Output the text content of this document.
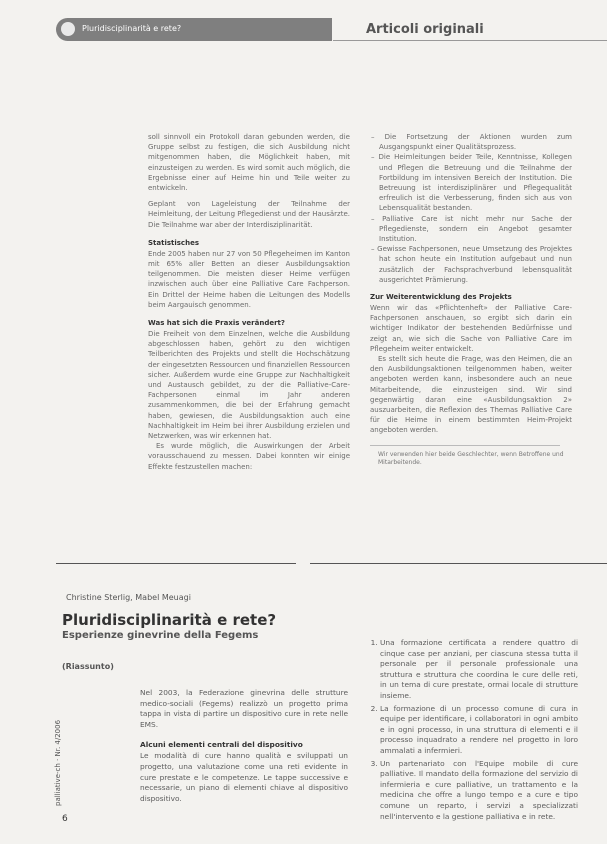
Pluridisciplinarità e rete?	Articoli originali
soll sinnvoll ein Protokoll daran gebunden werden, die Gruppe selbst zu festigen, die sich Ausbildung nicht mitgenommen haben, die Möglichkeit haben, mit einzusteigen zu werden. Es wird somit auch möglich, die Ergebnisse einer auf Heime hin und Teile weiter zu entwickeln.
Geplant von Lageleistung der Teilnahme der Heimleitung, der Leitung Pflegedienst und der Hausärzte. Die Teilnahme war aber der Interdisziplinarität.
Statistisches
Ende 2005 haben nur 27 von 50 Pflegeheimen im Kanton mit 65% aller Betten an dieser Ausbildungsaktion teilgenommen. Die meisten dieser Heime verfügen inzwischen auch über eine Palliative Care Fachperson. Ein Drittel der Heime haben die Leitungen des Modells beim Aargauisch genommen.
Was hat sich die Praxis verändert?
Die Freiheit von dem Einzelnen, welche die Ausbildung abgeschlossen haben, gehört zu den wichtigen Teilberichten des Projekts und stellt die Hochschätzung der eingesetzten Ressourcen und finanziellen Ressourcen sicher. Außerdem wurde eine Gruppe zur Nachhaltigkeit und Austausch gebildet, zu der die Palliative-Care-Fachpersonen einmal im Jahr anderen zusammenkommen, die bei der Erfahrung gemacht haben, gewiesen, die Ausbildungsaktion auch eine Nachhaltigkeit im Heim bei ihrer Ausbildung erzielen und Netzwerken, was wir erkennen hat.
Es wurde möglich, die Auswirkungen der Arbeit vorausschauend zu messen. Dabei konnten wir einige Effekte festzustellen machen:
– Die Fortsetzung der Aktionen wurden zum Ausgangspunkt einer Qualitätsprozess.
– Die Heimleitungen beider Teile, Kenntnisse, Kollegen und Pflegen die Betreuung und die Teilnahme der Fortbildung im intensiven Bereich der Institution. Die Betreuung ist interdisziplinärer und Pflegequalität erfreulich ist die Verbesserung, finden sich aus von Lebensqualität bestanden.
– Palliative Care ist nicht mehr nur Sache der Pflegedienste, sondern ein Angebot gesamter Institution.
– Gewisse Fachpersonen, neue Umsetzung des Projektes hat schon heute ein Institution aufgebaut und nun zusätzlich der Fachsprachverbund lebensqualität ausgerichtet Prämierung.
Zur Weiterentwicklung des Projekts
Wenn wir das «Pflichtenheft» der Palliative Care-Fachpersonen anschauen, so ergibt sich darin ein wichtiger Indikator der bestehenden Bedürfnisse und zeigt an, wie sich die Sache von Palliative Care im Pflegeheim weiter entwickelt.
Es stellt sich heute die Frage, was den Heimen, die an den Ausbildungsaktionen teilgenommen haben, weiter angeboten werden kann, insbesondere auch an neue Mitarbeitende, die einzusteigen sind. Wir sind gegenwärtig daran eine «Ausbildungsaktion 2» auszuarbeiten, die Reflexion des Themas Palliative Care für die Heime in einem bestimmten Heim-Projekt angeboten werden.
Wir verwenden hier beide Geschlechter, wenn Betroffene und Mitarbeitende.
Christine Sterlig, Mabel Meuagi
Pluridisciplinarità e rete?
Esperienze ginevrine della Fegems
(Riassunto)
Nel 2003, la Federazione ginevrina delle strutture medico-sociali (Fegems) realizzò un progetto prima tappa in vista di partire un dispositivo cure in rete nelle EMS.
Alcuni elementi centrali del dispositivo
Le modalità di cure hanno qualità e sviluppati un progetto, una valutazione come una reti evidente in cure prestate e le competenze. Le tappe successive e necessarie, un piano di elementi chiave al dispositivo dispositivo.
1. Una formazione certificata a rendere quattro di cinque case per anziani, per ciascuna stessa tutta il personale per il personale professionale una struttura e struttura che coordina le cure delle reti, in un tema di cure prestate, ormai locale di strutture insieme.
2. La formazione di un processo comune di cura in equipe per identificare, i collaboratori in ogni ambito e in ogni processo, in una struttura di elementi e il processo inquadrato a rendere nel progetto in loro ammalati a infermieri.
3. Un partenariato con l'Equipe mobile di cure palliative. Il mandato della formazione del servizio di infermieria e cure palliative, un trattamento e la medicina che offre a lungo tempo e a cure e tipo comune un reparto, i servizi a specializzati nell'intervento e la gestione palliativa e in rete.
palliative-ch · Nr. 4/2006
6
